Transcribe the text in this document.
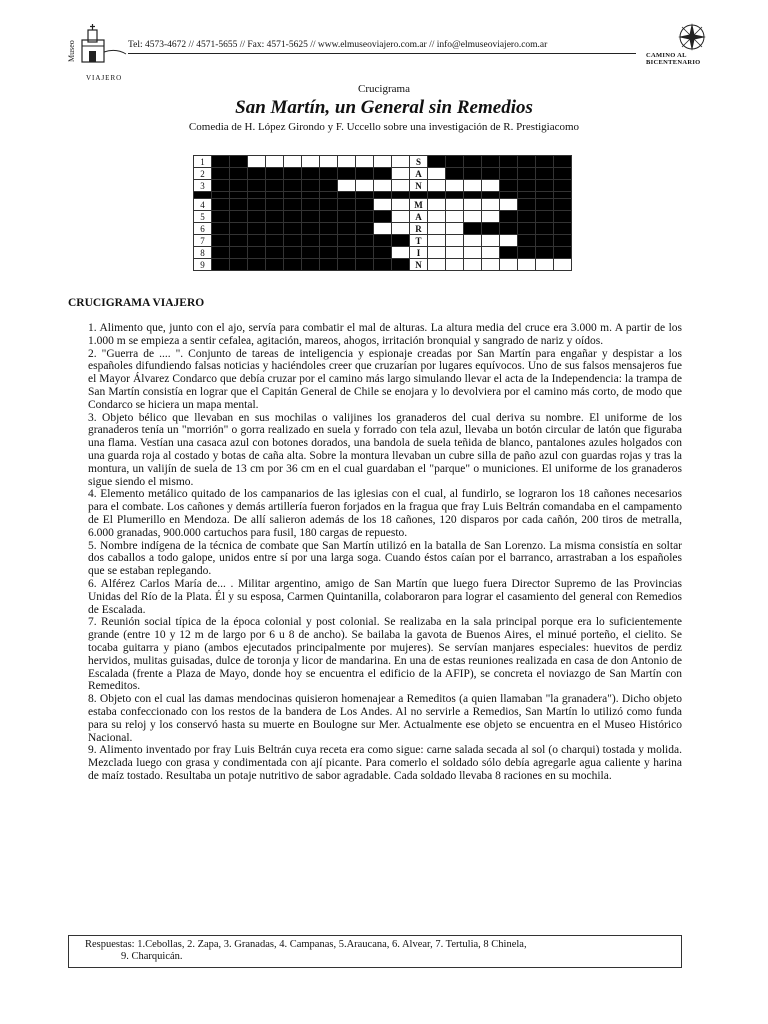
Museo
VIAJERO
Tel: 4573-4672 // 4571-5655 // Fax: 4571-5625 // www.elmuseoviajero.com.ar // info@elmuseoviajero.com.ar
CAMINO AL
BICENTENARIO
Crucigrama
San Martín, un General sin Remedios
Comedia de H. López Girondo y F. Uccello sobre una investigación de R. Prestigiacomo
1												S								
2												A								
3												N								

4												M								
5												A								
6												R								
7												T								
8												I								
9												N								
CRUCIGRAMA VIAJERO

1. Alimento que, junto con el ajo, servía para combatir el mal de alturas. La altura media del cruce era 3.000 m. A partir de los 1.000 m se empieza a sentir cefalea, agitación, mareos, ahogos, irritación bronquial y sangrado de nariz y oídos.

2. "Guerra de .... ". Conjunto de tareas de inteligencia y espionaje creadas por San Martín para engañar y despistar a los españoles difundiendo falsas noticias y haciéndoles creer que cruzarían por lugares equívocos. Uno de sus falsos mensajeros fue el Mayor Álvarez Condarco que debía cruzar por el camino más largo simulando llevar el acta de la Independencia: la trampa de San Martín consistía en lograr que el Capitán General de Chile se enojara y lo devolviera por el camino más corto, de modo que Condarco se hiciera un mapa mental.

3. Objeto bélico que llevaban en sus mochilas o valijines los granaderos del cual deriva su nombre. El uniforme de los granaderos tenía un "morrión" o gorra realizado en suela y forrado con tela azul, llevaba un botón circular de latón que figuraba una flama. Vestían una casaca azul con botones dorados, una bandola de suela teñida de blanco, pantalones azules holgados con una guarda roja al costado y botas de caña alta. Sobre la montura llevaban un cubre silla de paño azul con guardas rojas y tras la montura, un valijín de suela de 13 cm por 36 cm en el cual guardaban el "parque" o municiones. El uniforme de los granaderos sigue siendo el mismo.

4. Elemento metálico quitado de los campanarios de las iglesias con el cual, al fundirlo, se lograron los 18 cañones necesarios para el combate. Los cañones y demás artillería fueron forjados en la fragua que fray Luis Beltrán comandaba en el campamento de El Plumerillo en Mendoza. De allí salieron además de los 18 cañones, 120 disparos por cada cañón, 200 tiros de metralla, 6.000 granadas, 900.000 cartuchos para fusil, 180 cargas de repuesto.

5. Nombre indígena de la técnica de combate que San Martín utilizó en la batalla de San Lorenzo. La misma consistía en soltar dos caballos a todo galope, unidos entre sí por una larga soga. Cuando éstos caían por el barranco, arrastraban a los españoles que se estaban replegando.

6. Alférez Carlos María de... . Militar argentino, amigo de San Martín que luego fuera Director Supremo de las Provincias Unidas del Río de la Plata. Él y su esposa, Carmen Quintanilla, colaboraron para lograr el casamiento del general con Remedios de Escalada.

7. Reunión social típica de la época colonial y post colonial. Se realizaba en la sala principal porque era lo suficientemente grande (entre 10 y 12 m de largo por 6 u 8 de ancho). Se bailaba la gavota de Buenos Aires, el minué porteño, el cielito. Se tocaba guitarra y piano (ambos ejecutados principalmente por mujeres). Se servían manjares especiales: huevitos de perdiz hervidos, mulitas guisadas, dulce de toronja y licor de mandarina. En una de estas reuniones realizada en casa de don Antonio de Escalada (frente a Plaza de Mayo, donde hoy se encuentra el edificio de la AFIP), se concreta el noviazgo de San Martín con Remeditos.

8. Objeto con el cual las damas mendocinas quisieron homenajear a Remeditos (a quien llamaban "la granadera"). Dicho objeto estaba confeccionado con los restos de la bandera de Los Andes. Al no servirle a Remedios, San Martín lo utilizó como funda para su reloj y los conservó hasta su muerte en Boulogne sur Mer. Actualmente ese objeto se encuentra en el Museo Histórico Nacional.

9. Alimento inventado por fray Luis Beltrán cuya receta era como sigue: carne salada secada al sol (o charqui) tostada y molida. Mezclada luego con grasa y condimentada con ají picante. Para comerlo el soldado sólo debía agregarle agua caliente y harina de maíz tostado. Resultaba un potaje nutritivo de sabor agradable. Cada soldado llevaba 8 raciones en su mochila.

Respuestas: 1.Cebollas, 2. Zapa, 3. Granadas, 4. Campanas, 5.Araucana, 6. Alvear, 7. Tertulia, 8 Chinela,
9. Charquicán.
